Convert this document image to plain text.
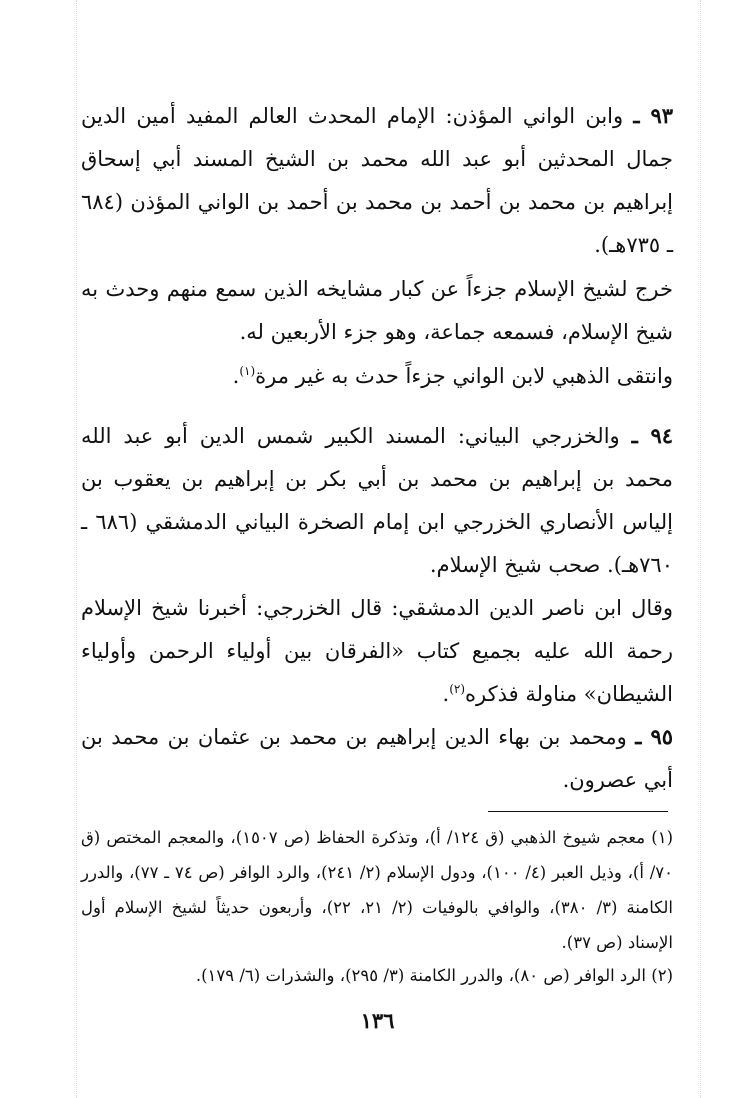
٩٣ ـ وابن الواني المؤذن: الإمام المحدث العالم المفيد أمين الدين جمال المحدثين أبو عبد الله محمد بن الشيخ المسند أبي إسحاق إبراهيم بن محمد بن أحمد بن محمد بن أحمد بن الواني المؤذن (٦٨٤ ـ ٧٣٥هـ).
خرج لشيخ الإسلام جزءاً عن كبار مشايخه الذين سمع منهم وحدث به شيخ الإسلام، فسمعه جماعة، وهو جزء الأربعين له.
وانتقى الذهبي لابن الواني جزءاً حدث به غير مرة$^{(١)}$.
٩٤ ـ والخزرجي البياني: المسند الكبير شمس الدين أبو عبد الله محمد بن إبراهيم بن محمد بن أبي بكر بن إبراهيم بن يعقوب بن إلياس الأنصاري الخزرجي ابن إمام الصخرة البياني الدمشقي (٦٨٦ ـ ٧٦٠هـ). صحب شيخ الإسلام.
وقال ابن ناصر الدين الدمشقي: قال الخزرجي: أخبرنا شيخ الإسلام رحمة الله عليه بجميع كتاب «الفرقان بين أولياء الرحمن وأولياء الشيطان» مناولة فذكره$^{(٢)}$.
٩٥ ـ ومحمد بن بهاء الدين إبراهيم بن محمد بن عثمان بن محمد بن أبي عصرون.
(١) معجم شيوخ الذهبي (ق ١٢٤/ أ)، وتذكرة الحفاظ (ص ١٥٠٧)، والمعجم المختص (ق ٧٠/ أ)، وذيل العبر (٤/ ١٠٠)، ودول الإسلام (٢/ ٢٤١)، والرد الوافر (ص ٧٤ ـ ٧٧)، والدرر الكامنة (٣/ ٣٨٠)، والوافي بالوفيات (٢/ ٢١، ٢٢)، وأربعون حديثاً لشيخ الإسلام أول الإسناد (ص ٣٧).
(٢) الرد الوافر (ص ٨٠)، والدرر الكامنة (٣/ ٢٩٥)، والشذرات (٦/ ١٧٩).
١٣٦
